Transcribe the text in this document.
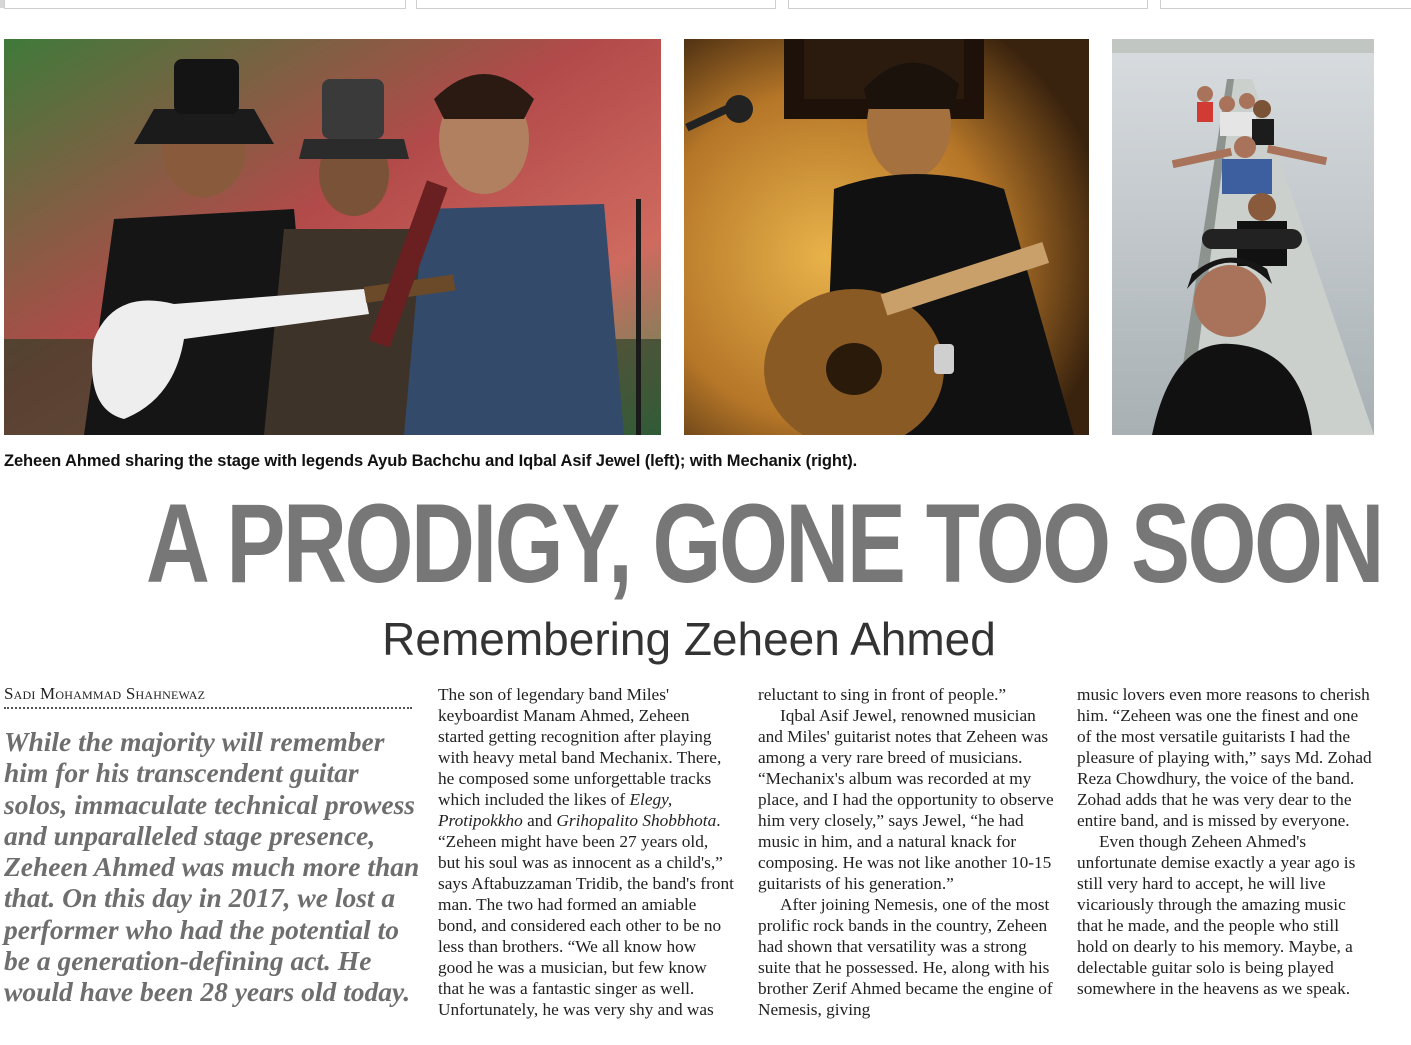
Zeheen Ahmed sharing the stage with legends Ayub Bachchu and Iqbal Asif Jewel (left); with Mechanix (right).
A PRODIGY, GONE TOO SOON
Remembering Zeheen Ahmed
Sadi Mohammad Shahnewaz

While the majority will remember him for his transcendent guitar solos, immaculate technical prowess and unparalleled stage presence, Zeheen Ahmed was much more than that. On this day in 2017, we lost a performer who had the potential to be a generation-defining act. He would have been 28 years old today.

The son of legendary band Miles' keyboardist Manam Ahmed, Zeheen started getting recognition after playing with heavy metal band Mechanix. There, he composed some unforgettable tracks which included the likes of Elegy, Protipokkho and Grihopalito Shobbhota. “Zeheen might have been 27 years old, but his soul was as innocent as a child's,” says Aftabuzzaman Tridib, the band's front man. The two had formed an amiable bond, and considered each other to be no less than brothers. “We all know how good he was a musician, but few know that he was a fantastic singer as well. Unfortunately, he was very shy and was

reluctant to sing in front of people.”

Iqbal Asif Jewel, renowned musician and Miles' guitarist notes that Zeheen was among a very rare breed of musicians. “Mechanix's album was recorded at my place, and I had the opportunity to observe him very closely,” says Jewel, “he had music in him, and a natural knack for composing. He was not like another 10-15 guitarists of his generation.”

After joining Nemesis, one of the most prolific rock bands in the country, Zeheen had shown that versatility was a strong suite that he possessed. He, along with his brother Zerif Ahmed became the engine of Nemesis, giving

music lovers even more reasons to cherish him. “Zeheen was one the finest and one of the most versatile guitarists I had the pleasure of playing with,” says Md. Zohad Reza Chowdhury, the voice of the band. Zohad adds that he was very dear to the entire band, and is missed by everyone.

Even though Zeheen Ahmed's unfortunate demise exactly a year ago is still very hard to accept, he will live vicariously through the amazing music that he made, and the people who still hold on dearly to his memory. Maybe, a delectable guitar solo is being played somewhere in the heavens as we speak.
